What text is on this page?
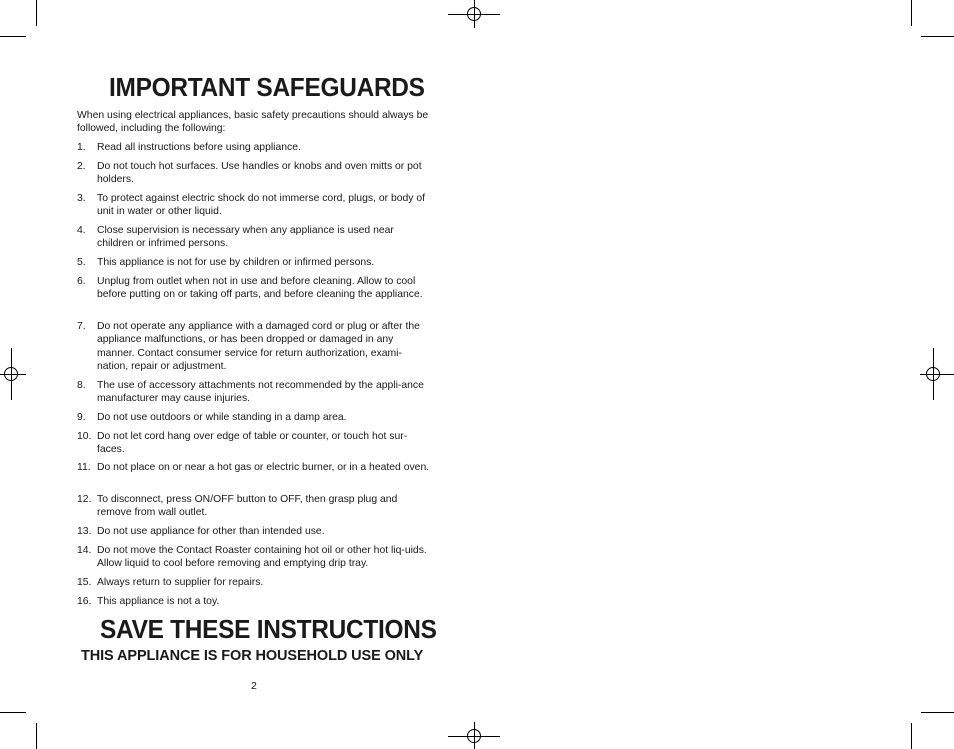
IMPORTANT SAFEGUARDS

When using electrical appliances, basic safety precautions should always be followed, including the following:

1.	Read all instructions before using appliance.
2.	Do not touch hot surfaces. Use handles or knobs and oven mitts or pot holders.
3.	To protect against electric shock do not immerse cord, plugs, or body of unit in water or other liquid.
4.	Close supervision is necessary when any appliance is used near children or infrimed persons.
5.	This appliance is not for use by children or infirmed persons.
6.	Unplug from outlet when not in use and before cleaning. Allow to cool before putting on or taking off parts, and before cleaning the appliance.
7.	Do not operate any appliance with a damaged cord or plug or after the appliance malfunctions, or has been dropped or damaged in any manner. Contact consumer service for return authorization, exami-nation, repair or adjustment.
8.	The use of accessory attachments not recommended by the appli-ance manufacturer may cause injuries.
9.	Do not use outdoors or while standing in a damp area.
10. Do not let cord hang over edge of table or counter, or touch hot sur-faces.
11. Do not place on or near a hot gas or electric burner, or in a heated oven.
12. To disconnect, press ON/OFF button to OFF, then grasp plug and remove from wall outlet.
13. Do not use appliance for other than intended use.
14. Do not move the Contact Roaster containing hot oil or other hot liq-uids. Allow liquid to cool before removing and emptying drip tray.
15. Always return to supplier for repairs.
16. This appliance is not a toy.
SAVE THESE INSTRUCTIONS
THIS APPLIANCE IS FOR HOUSEHOLD USE ONLY

2
